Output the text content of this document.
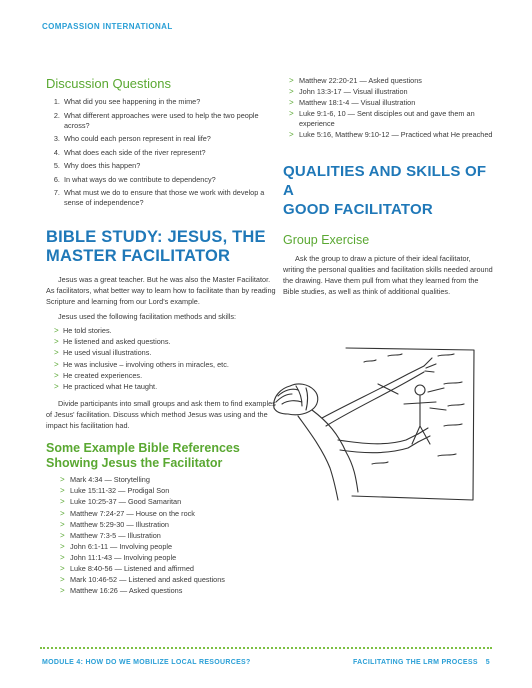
COMPASSION INTERNATIONAL
Discussion Questions
1. What did you see happening in the mime?
2. What different approaches were used to help the two people across?
3. Who could each person represent in real life?
4. What does each side of the river represent?
5. Why does this happen?
6. In what ways do we contribute to dependency?
7. What must we do to ensure that those we work with develop a sense of independence?
BIBLE STUDY: JESUS, THE
MASTER FACILITATOR

Jesus was a great teacher. But he was also the Master Facilitator. As facilitators, what better way to learn how to facilitate than by reading Scripture and learning from our Lord's example.

Jesus used the following facilitation methods and skills:

> He told stories.
> He listened and asked questions.
> He used visual illustrations.
> He was inclusive – involving others in miracles, etc.
> He created experiences.
> He practiced what He taught.

Divide participants into small groups and ask them to find examples of Jesus' facilitation. Discuss which method Jesus was using and the impact his facilitation had.

Some Example Bible References
Showing Jesus the Facilitator
> Mark 4:34 — Storytelling
> Luke 15:11-32 — Prodigal Son
> Luke 10:25-37 — Good Samaritan
> Matthew 7:24-27 — House on the rock
> Matthew 5:29-30 — Illustration
> Matthew 7:3-5 — Illustration
> John 6:1-11 — Involving people
> John 11:1-43 — Involving people
> Luke 8:40-56 — Listened and affirmed
> Mark 10:46-52 — Listened and asked questions
> Matthew 16:26 — Asked questions
> Matthew 22:20-21 — Asked questions
> John 13:3-17 — Visual illustration
> Matthew 18:1-4 — Visual illustration
> Luke 9:1-6, 10 — Sent disciples out and gave them an experience
> Luke 5:16, Matthew 9:10-12 — Practiced what He preached
QUALITIES AND SKILLS OF A
GOOD FACILITATOR
Group Exercise

Ask the group to draw a picture of their ideal facilitator, writing the personal qualities and facilitation skills needed around the drawing. Have them pull from what they learned from the Bible studies, as well as think of additional qualities.

MODULE 4: HOW DO WE MOBILIZE LOCAL RESOURCES?	FACILITATING THE LRM PROCESS 5
